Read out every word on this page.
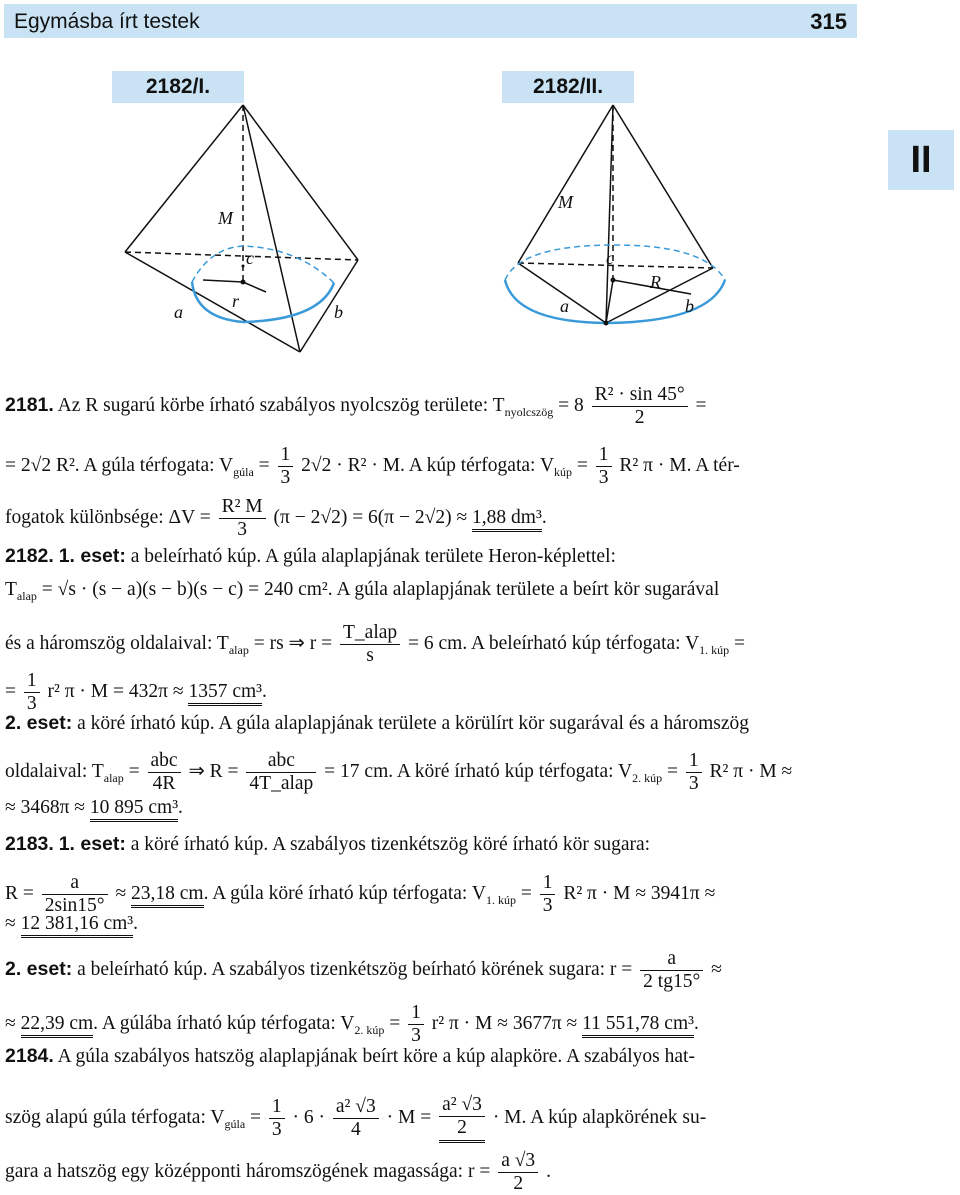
Egymásba írt testek	315
II
2182/I.	2182/II.
M
c
r
a	b
M
c
R
a	b
2181. Az R sugarú körbe írható szabályos nyolcszög területe: $T_{nyolcszög} = 8 \frac{\text{R² · sin 45°}}{2}$ =
= 2√2 R². A gúla térfogata: $V_{gúla} = \frac{1}{3} 2√2 \cdot R^2 \cdot M$. A kúp térfogata: $V_{kúp} = \frac{1}{3} R^2$ π · M. A tér-
fogatok különbsége: $\Delta V = \frac{\text{R² M}}{3} (\pi - 2√2) = 6(\pi - 2√2) \approx 1,88$ dm³.
2182. 1. eset: a beleírható kúp. A gúla alaplapjának területe Heron-képlettel:
$T_{alap} = √s \cdot (s - a)(s - b)(s - c) = 240$ cm². A gúla alaplapjának területe a beírt kör sugarával
és a háromszög oldalaival: $T_{alap}$ = rs ⇒ $r = \frac{\text{T\_alap}}{s} = 6$ cm. A beleírható kúp térfogata: $V_{1. kúp}$ =
= $\frac{1}{3} r^2$ π · M = 432π ≈ 1357 cm³.
2. eset: a köré írható kúp. A gúla alaplapjának területe a körülírt kör sugarával és a háromszög
oldalaival: $T_{alap} = \frac{\text{abc}}{4R}$ ⇒ $R = \frac{\text{abc}}{\text{4T\_alap}} = 17$ cm. A köré írható kúp térfogata: $V_{2. kúp} = \frac{1}{3} R^2$ π · M ≈
≈ 3468π ≈ 10 895 cm³.
2183. 1. eset: a köré írható kúp. A szabályos tizenkétszög köré írható kör sugara:
$R = \frac{a}{2\sin 15^\circ} \approx 23,18$ cm. A gúla köré írható kúp térfogata: $V_{1. kúp} = \frac{1}{3} R^2$ π · M ≈ 3941π ≈
≈ 12 381,16 cm³.
2. eset: a beleírható kúp. A szabályos tizenkétszög beírható körének sugara: $r = \frac{a}{2 tg15^\circ}$ ≈
≈ 22,39 cm. A gúlába írható kúp térfogata: $V_{2. kúp} = \frac{1}{3} r^2$ π · M ≈ 3677π ≈ 11 551,78 cm³.
2184. A gúla szabályos hatszög alaplapjának beírt köre a kúp alapköre. A szabályos hat-
szög alapú gúla térfogata: $V_{gúla} = \frac{1}{3} \cdot 6 \cdot \frac{\text{a² √3}}{4} \cdot M = \frac{\text{a² √3}}{2} \cdot M$. A kúp alapkörének su-
gara a hatszög egy középponti háromszögének magassága: $r = \frac{a √3}{2}$ .
